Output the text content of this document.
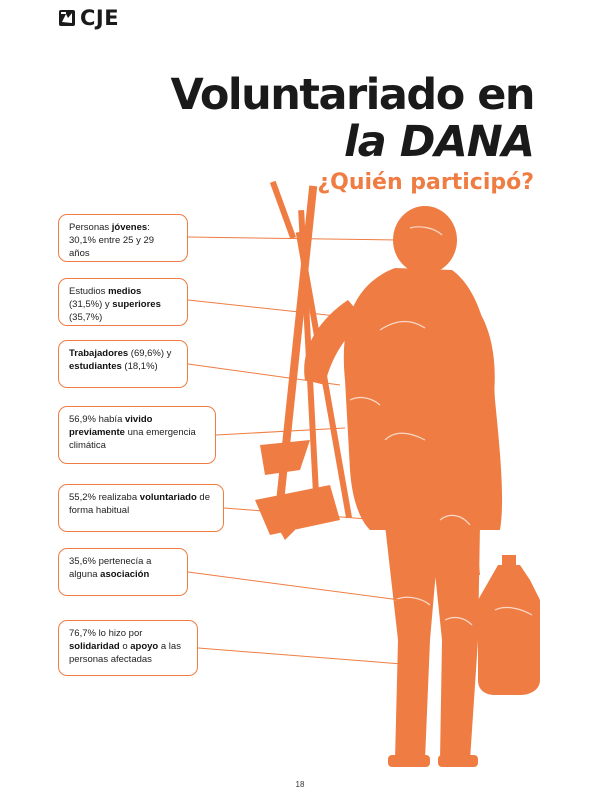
CJE
Voluntariado en
la DANA
¿Quién participó?
Personas jóvenes: 30,1% entre 25 y 29 años
Estudios medios (31,5%) y superiores (35,7%)
Trabajadores (69,6%) y estudiantes (18,1%)
56,9% había vivido previamente una emergencia climática
55,2% realizaba voluntariado de forma habitual
35,6% pertenecía a alguna asociación
76,7% lo hizo por solidaridad o apoyo a las personas afectadas
18
